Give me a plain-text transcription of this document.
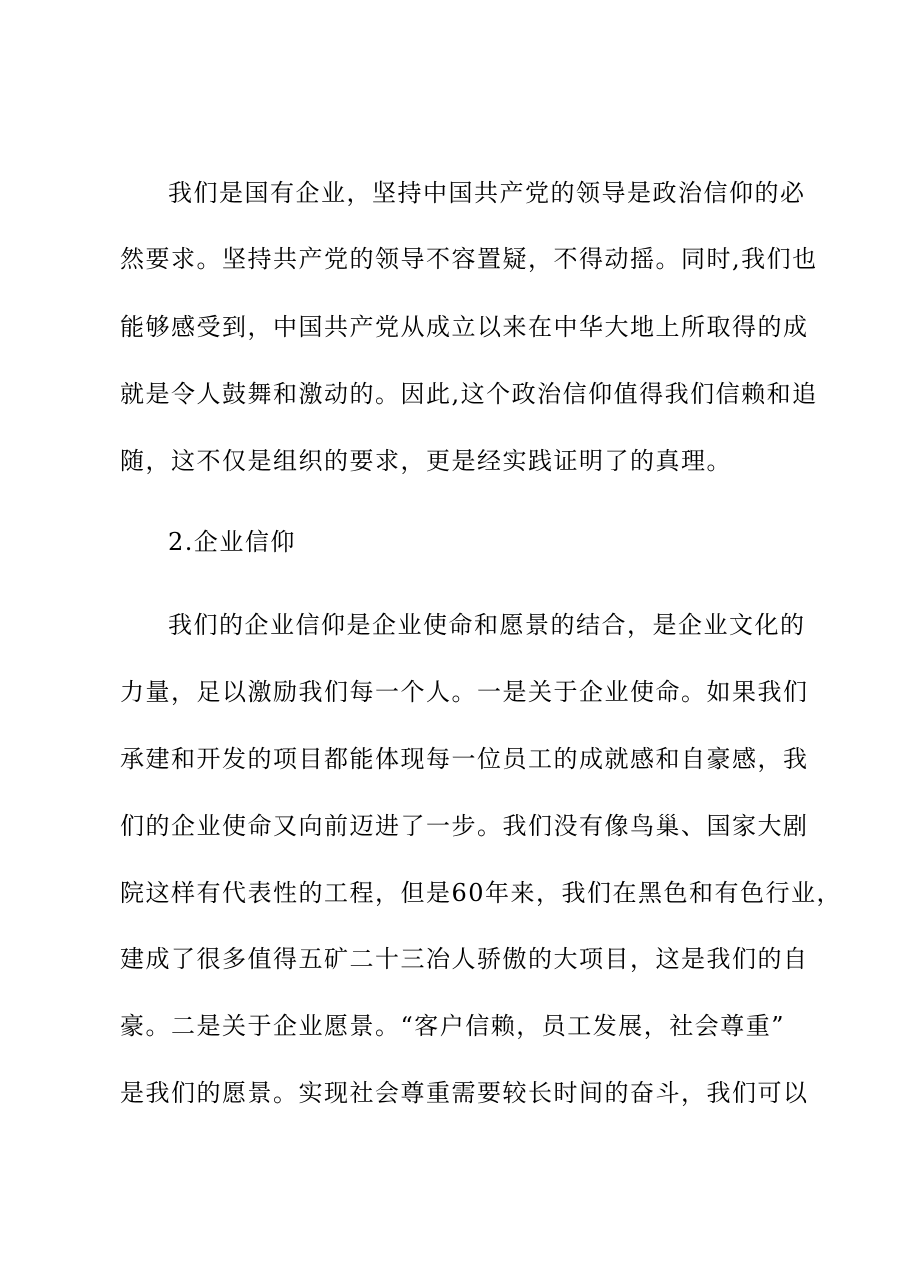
我们是国有企业，坚持中国共产党的领导是政治信仰的必
然要求。坚持共产党的领导不容置疑，不得动摇。同时,我们也
能够感受到，中国共产党从成立以来在中华大地上所取得的成
就是令人鼓舞和激动的。因此,这个政治信仰值得我们信赖和追
随，这不仅是组织的要求，更是经实践证明了的真理。
2.企业信仰
我们的企业信仰是企业使命和愿景的结合，是企业文化的
力量，足以激励我们每一个人。一是关于企业使命。如果我们
承建和开发的项目都能体现每一位员工的成就感和自豪感，我
们的企业使命又向前迈进了一步。我们没有像鸟巢、国家大剧
院这样有代表性的工程，但是60年来，我们在黑色和有色行业，
建成了很多值得五矿二十三冶人骄傲的大项目，这是我们的自
豪。二是关于企业愿景。“客户信赖，员工发展，社会尊重”
是我们的愿景。实现社会尊重需要较长时间的奋斗，我们可以
